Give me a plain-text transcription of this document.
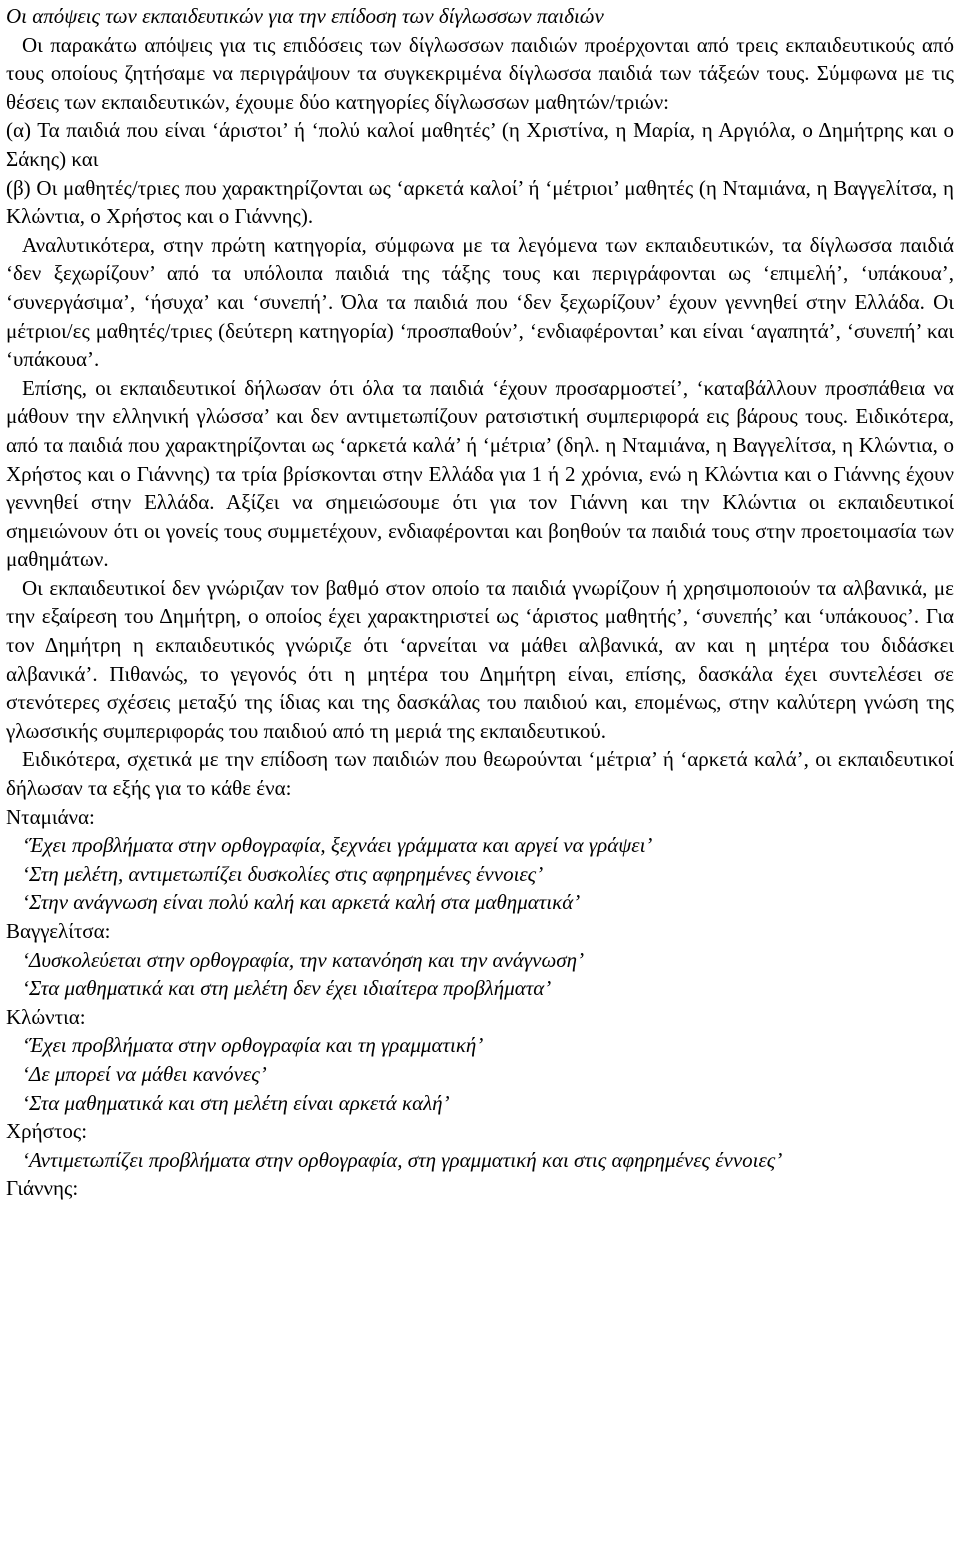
Οι απόψεις των εκπαιδευτικών για την επίδοση των δίγλωσσων παιδιών

Οι παρακάτω απόψεις για τις επιδόσεις των δίγλωσσων παιδιών προέρχονται από τρεις εκπαιδευτικούς από τους οποίους ζητήσαμε να περιγράψουν τα συγκεκριμένα δίγλωσσα παιδιά των τάξεών τους. Σύμφωνα με τις θέσεις των εκπαιδευτικών, έχουμε δύο κατηγορίες δίγλωσσων μαθητών/τριών:

(α) Τα παιδιά που είναι ‘άριστοι’ ή ‘πολύ καλοί μαθητές’ (η Χριστίνα, η Μαρία, η Αργιόλα, ο Δημήτρης και ο Σάκης) και

(β) Οι μαθητές/τριες που χαρακτηρίζονται ως ‘αρκετά καλοί’ ή ‘μέτριοι’ μαθητές (η Νταμιάνα, η Βαγγελίτσα, η Κλώντια, ο Χρήστος και ο Γιάννης).

Αναλυτικότερα, στην πρώτη κατηγορία, σύμφωνα με τα λεγόμενα των εκπαιδευτικών, τα δίγλωσσα παιδιά ‘δεν ξεχωρίζουν’ από τα υπόλοιπα παιδιά της τάξης τους και περιγράφονται ως ‘επιμελή’, ‘υπάκουα’, ‘συνεργάσιμα’, ‘ήσυχα’ και ‘συνεπή’. Όλα τα παιδιά που ‘δεν ξεχωρίζουν’ έχουν γεννηθεί στην Ελλάδα. Οι μέτριοι/ες μαθητές/τριες (δεύτερη κατηγορία) ‘προσπαθούν’, ‘ενδιαφέρονται’ και είναι ‘αγαπητά’, ‘συνεπή’ και ‘υπάκουα’.

Επίσης, οι εκπαιδευτικοί δήλωσαν ότι όλα τα παιδιά ‘έχουν προσαρμοστεί’, ‘καταβάλλουν προσπάθεια να μάθουν την ελληνική γλώσσα’ και δεν αντιμετωπίζουν ρατσιστική συμπεριφορά εις βάρους τους. Ειδικότερα, από τα παιδιά που χαρακτηρίζονται ως ‘αρκετά καλά’ ή ‘μέτρια’ (δηλ. η Νταμιάνα, η Βαγγελίτσα, η Κλώντια, ο Χρήστος και ο Γιάννης) τα τρία βρίσκονται στην Ελλάδα για 1 ή 2 χρόνια, ενώ η Κλώντια και ο Γιάννης έχουν γεννηθεί στην Ελλάδα. Αξίζει να σημειώσουμε ότι για τον Γιάννη και την Κλώντια οι εκπαιδευτικοί σημειώνουν ότι οι γονείς τους συμμετέχουν, ενδιαφέρονται και βοηθούν τα παιδιά τους στην προετοιμασία των μαθημάτων.

Οι εκπαιδευτικοί δεν γνώριζαν τον βαθμό στον οποίο τα παιδιά γνωρίζουν ή χρησιμοποιούν τα αλβανικά, με την εξαίρεση του Δημήτρη, ο οποίος έχει χαρακτηριστεί ως ‘άριστος μαθητής’, ‘συνεπής’ και ‘υπάκουος’. Για τον Δημήτρη η εκπαιδευτικός γνώριζε ότι ‘αρνείται να μάθει αλβανικά, αν και η μητέρα του διδάσκει αλβανικά’. Πιθανώς, το γεγονός ότι η μητέρα του Δημήτρη είναι, επίσης, δασκάλα έχει συντελέσει σε στενότερες σχέσεις μεταξύ της ίδιας και της δασκάλας του παιδιού και, επομένως, στην καλύτερη γνώση της γλωσσικής συμπεριφοράς του παιδιού από τη μεριά της εκπαιδευτικού.

Ειδικότερα, σχετικά με την επίδοση των παιδιών που θεωρούνται ‘μέτρια’ ή ‘αρκετά καλά’, οι εκπαιδευτικοί δήλωσαν τα εξής για το κάθε ένα:

Νταμιάνα:

‘Έχει προβλήματα στην ορθογραφία, ξεχνάει γράμματα και αργεί να γράψει’

‘Στη μελέτη, αντιμετωπίζει δυσκολίες στις αφηρημένες έννοιες’

‘Στην ανάγνωση είναι πολύ καλή και αρκετά καλή στα μαθηματικά’

Βαγγελίτσα:

‘Δυσκολεύεται στην ορθογραφία, την κατανόηση και την ανάγνωση’

‘Στα μαθηματικά και στη μελέτη δεν έχει ιδιαίτερα προβλήματα’

Κλώντια:

‘Έχει προβλήματα στην ορθογραφία και τη γραμματική’

‘Δε μπορεί να μάθει κανόνες’

‘Στα μαθηματικά και στη μελέτη είναι αρκετά καλή’

Χρήστος:

‘Αντιμετωπίζει προβλήματα στην ορθογραφία, στη γραμματική και στις αφηρημένες έννοιες’

Γιάννης:
